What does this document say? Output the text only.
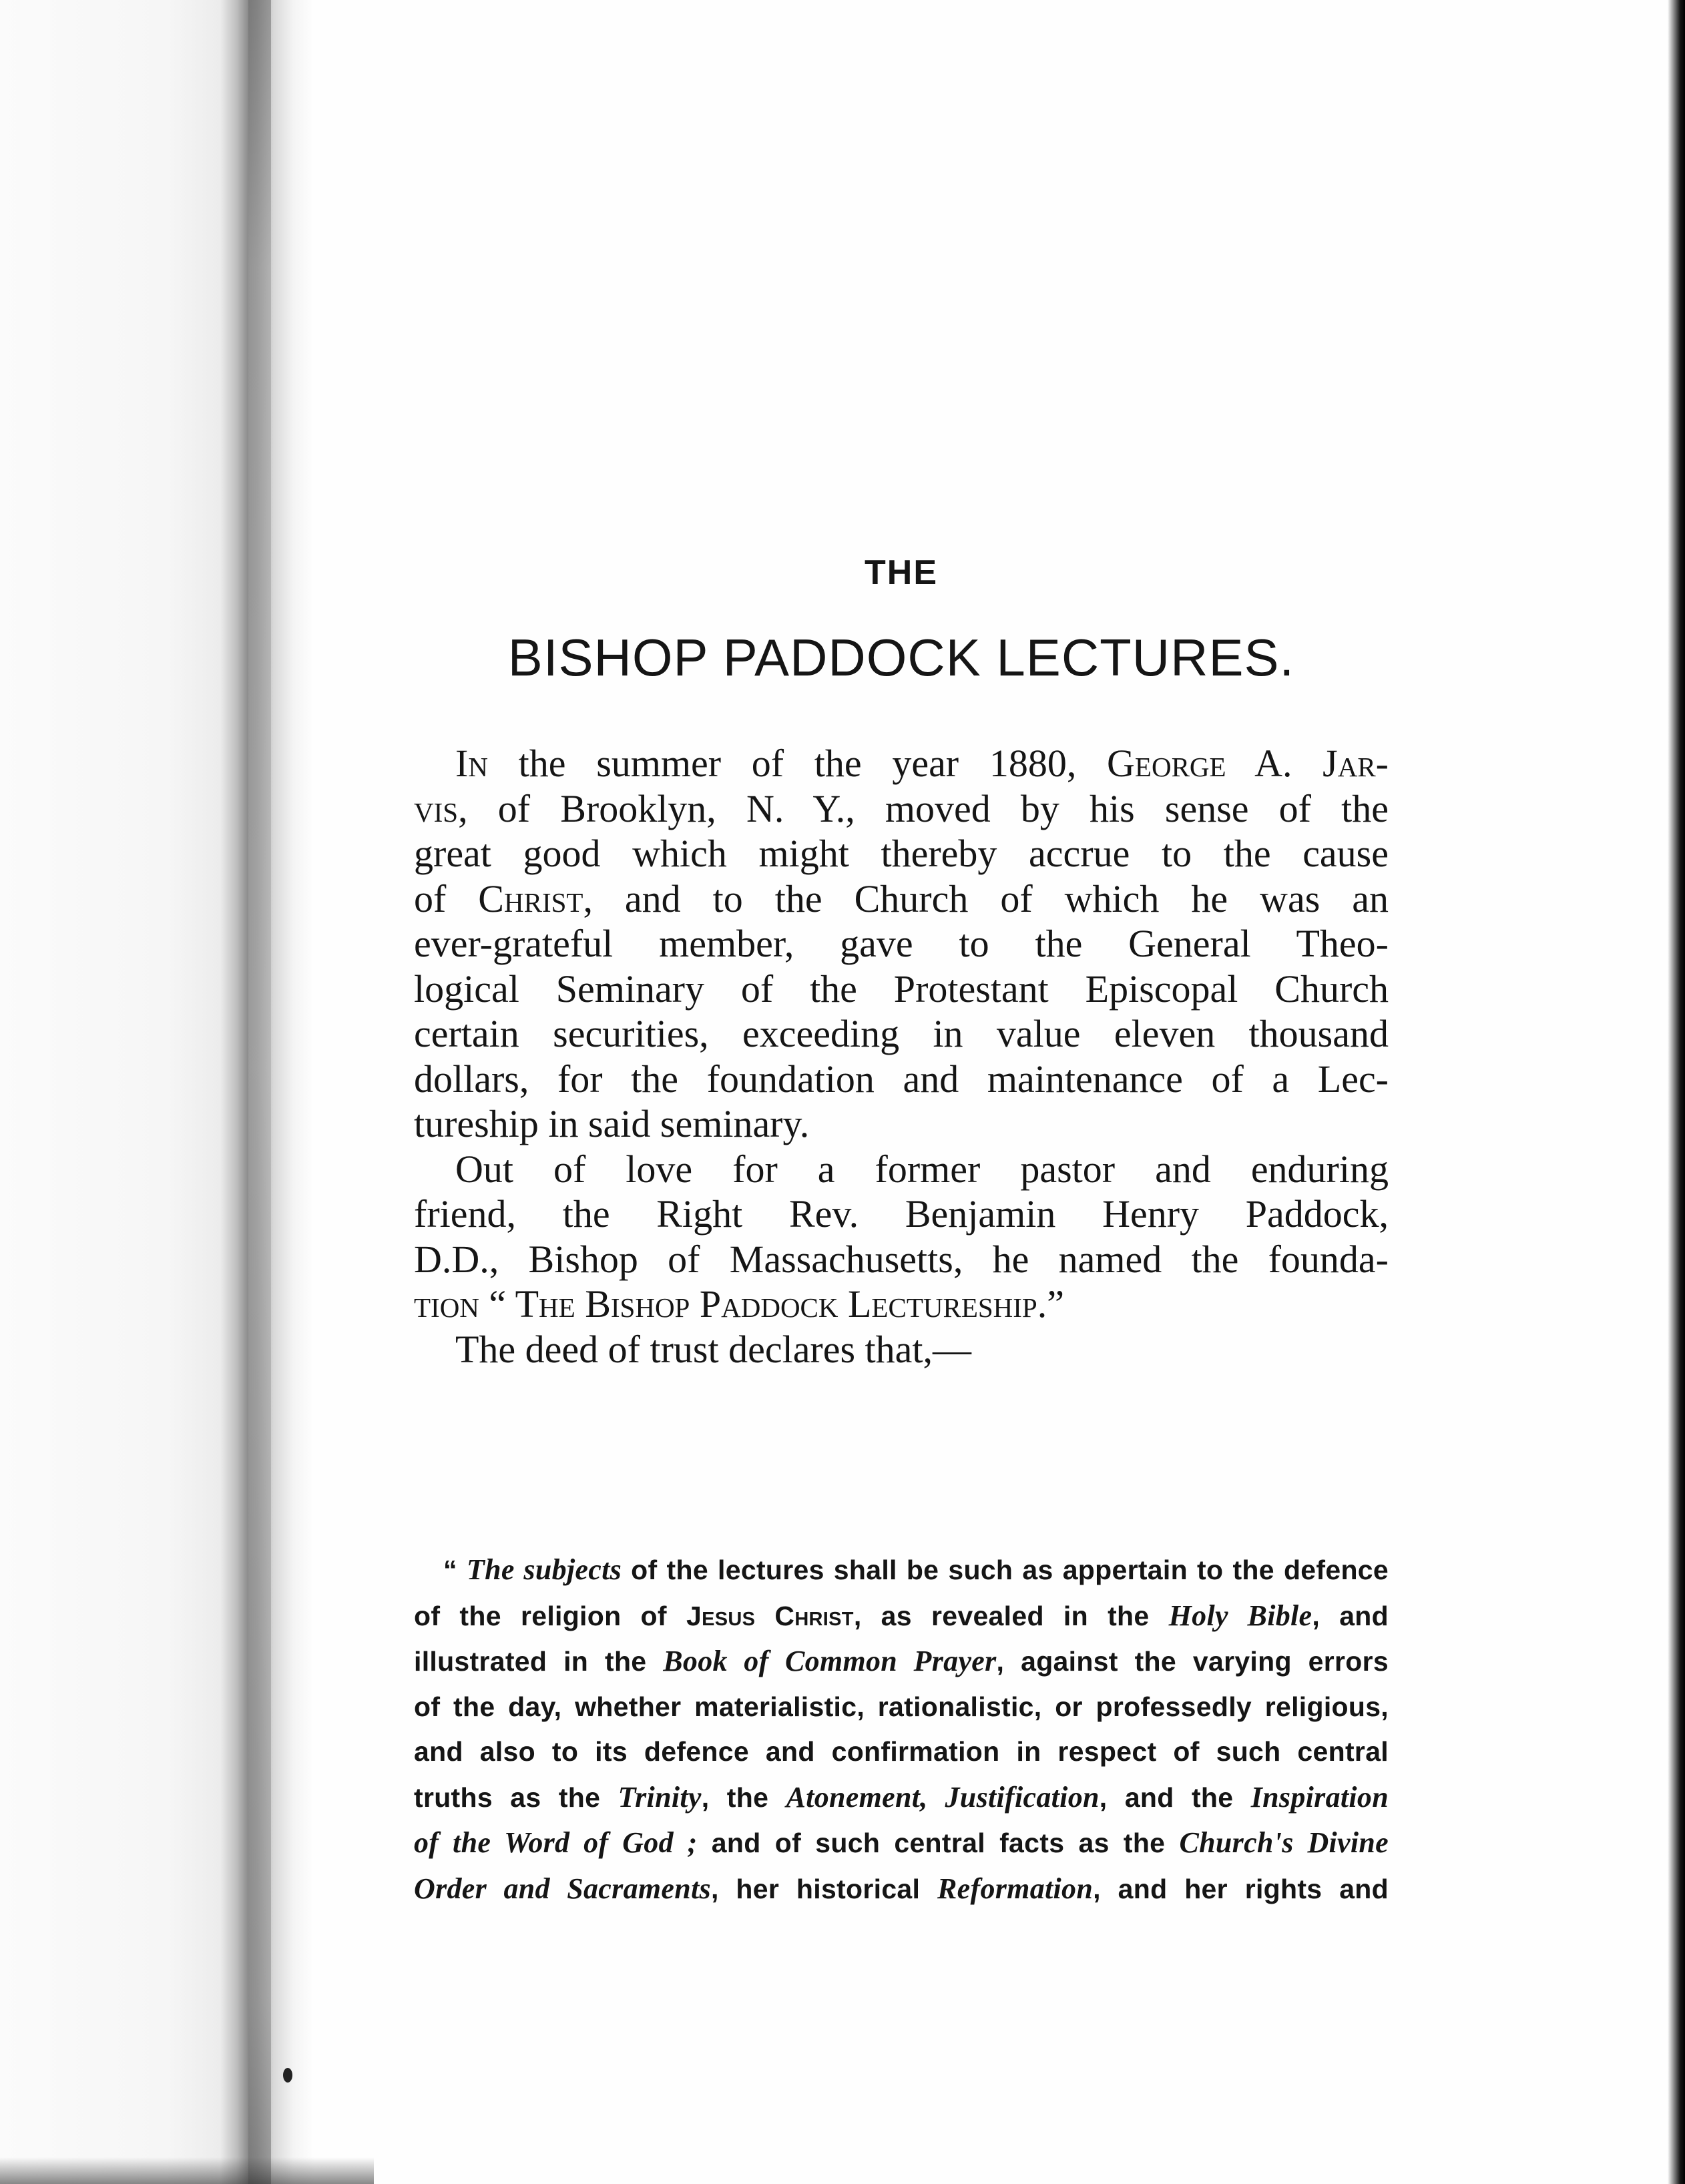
THE
BISHOP PADDOCK LECTURES.
In the summer of the year 1880, George A. Jar-
vis, of Brooklyn, N. Y., moved by his sense of the
great good which might thereby accrue to the cause
of Christ, and to the Church of which he was an
ever-grateful member, gave to the General Theo-
logical Seminary of the Protestant Episcopal Church
certain securities, exceeding in value eleven thousand
dollars, for the foundation and maintenance of a Lec-
tureship in said seminary.
Out of love for a former pastor and enduring
friend, the Right Rev. Benjamin Henry Paddock,
D.D., Bishop of Massachusetts, he named the founda-
tion “ The Bishop Paddock Lectureship.”
The deed of trust declares that,—
“ The subjects of the lectures shall be such as appertain to the defence
of the religion of Jesus Christ, as revealed in the Holy Bible, and
illustrated in the Book of Common Prayer, against the varying errors
of the day, whether materialistic, rationalistic, or professedly religious,
and also to its defence and confirmation in respect of such central
truths as the Trinity, the Atonement, Justification, and the Inspiration
of the Word of God ; and of such central facts as the Church's Divine
Order and Sacraments, her historical Reformation, and her rights and
